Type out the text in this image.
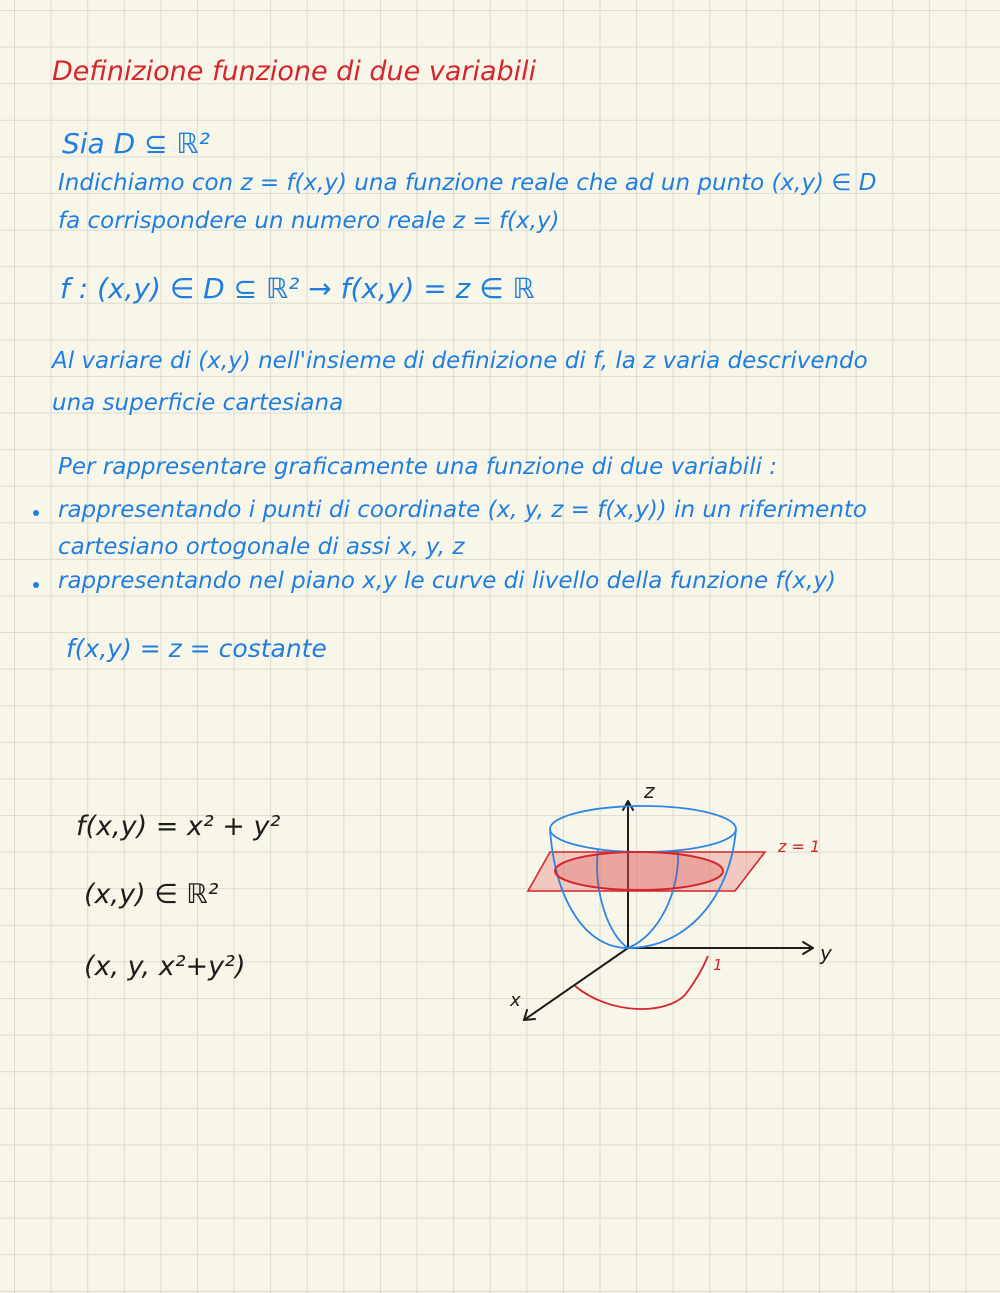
Definizione funzione di due variabili
Sia D ⊆ ℝ²
Indichiamo con z = f(x,y) una funzione reale che ad un punto (x,y) ∈ D
fa corrispondere un numero reale z = f(x,y)
f : (x,y) ∈ D ⊆ ℝ² → f(x,y) = z ∈ ℝ
Al variare di (x,y) nell'insieme di definizione di f, la z varia descrivendo
una superficie cartesiana
Per rappresentare graficamente una funzione di due variabili :
rappresentando i punti di coordinate (x, y, z = f(x,y)) in un riferimento
cartesiano ortogonale di assi x, y, z
rappresentando nel piano x,y le curve di livello della funzione f(x,y)
f(x,y) = z = costante
f(x,y) = x² + y²
(x,y) ∈ ℝ²
(x, y, x²+y²)
z
y
x
z = 1
1
